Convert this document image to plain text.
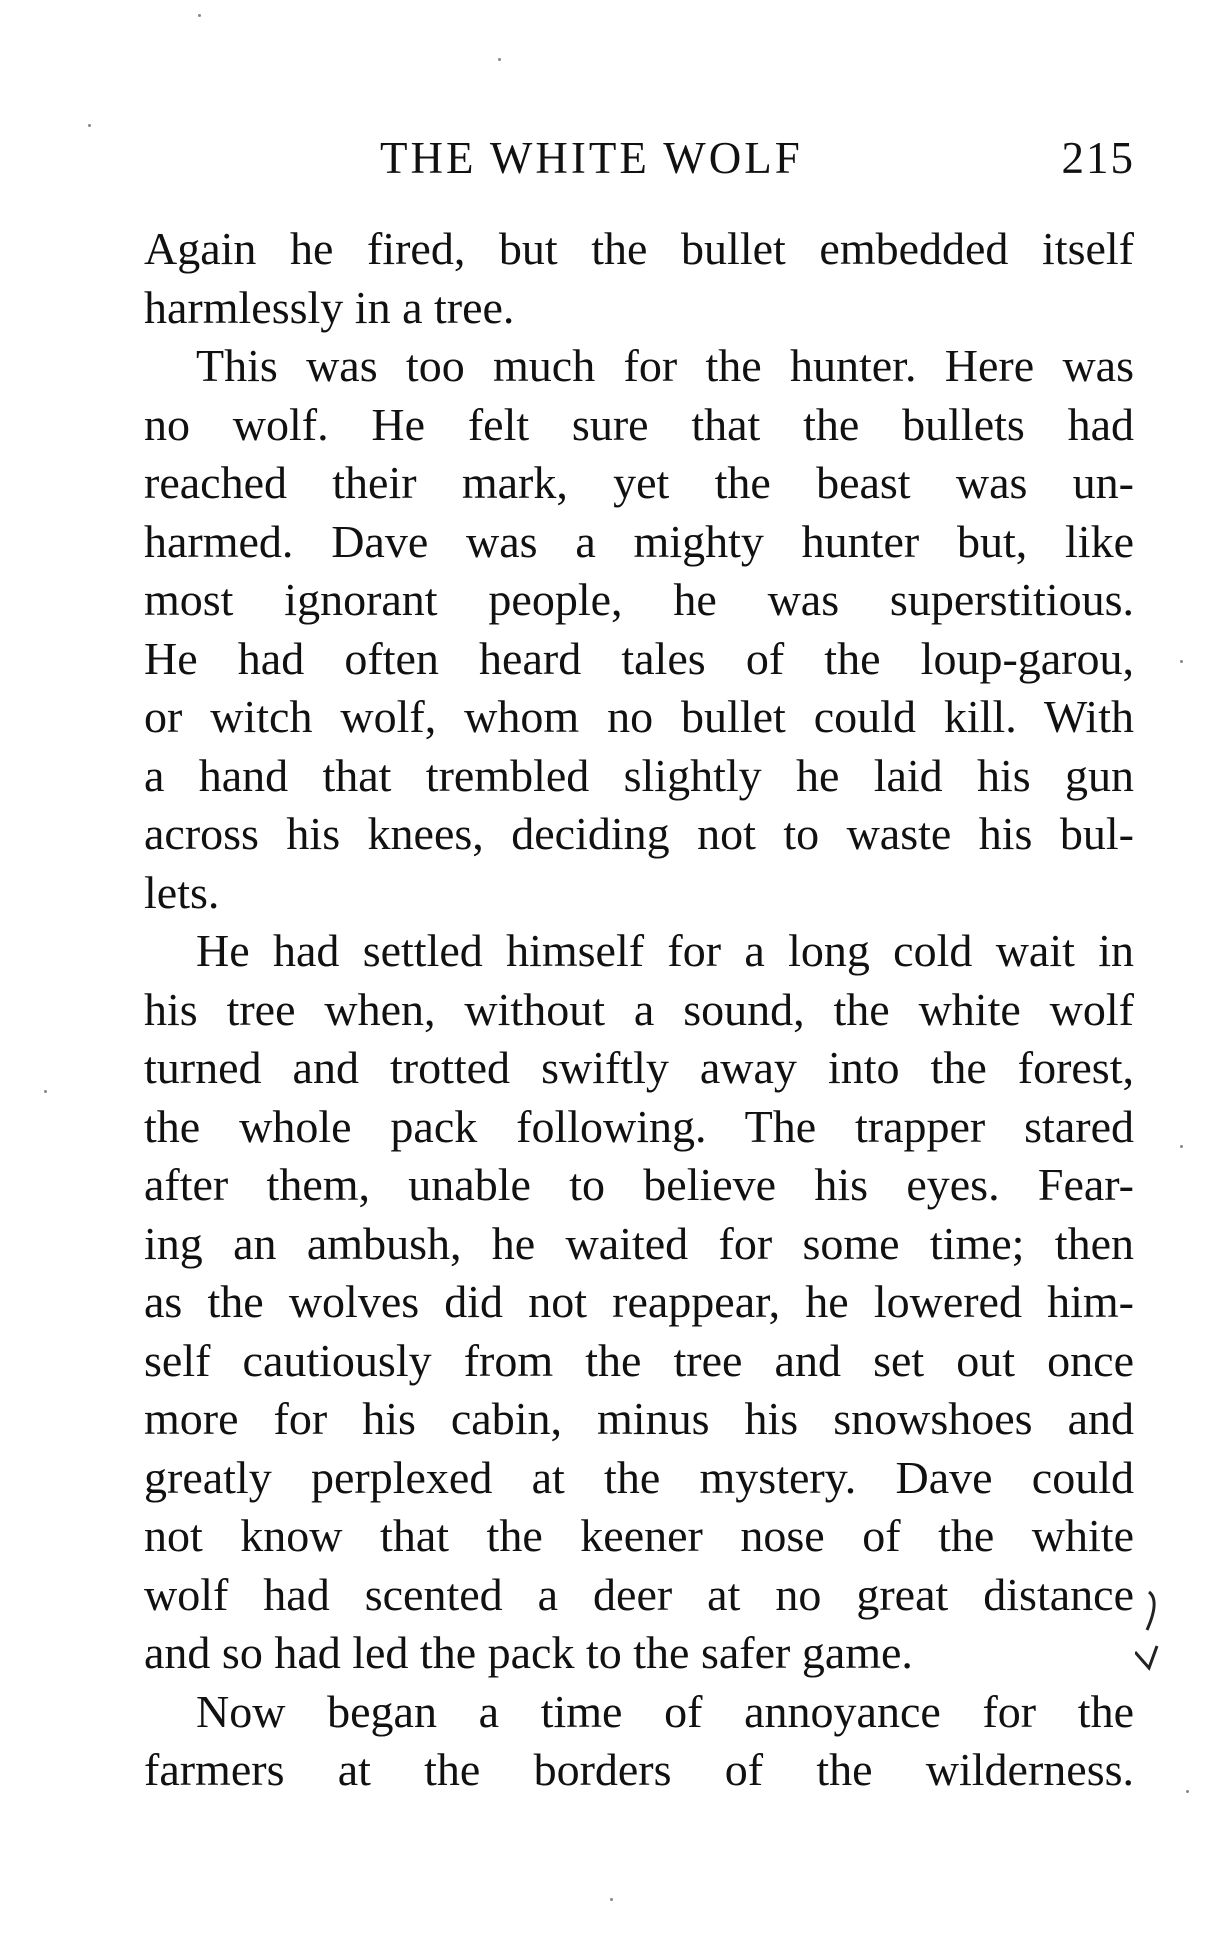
THE WHITE WOLF	215
Again he fired, but the bullet embedded itself
harmlessly in a tree.
This was too much for the hunter. Here was
no wolf. He felt sure that the bullets had
reached their mark, yet the beast was un-
harmed. Dave was a mighty hunter but, like
most ignorant people, he was superstitious.
He had often heard tales of the loup-garou,
or witch wolf, whom no bullet could kill. With
a hand that trembled slightly he laid his gun
across his knees, deciding not to waste his bul-
lets.
He had settled himself for a long cold wait in
his tree when, without a sound, the white wolf
turned and trotted swiftly away into the forest,
the whole pack following. The trapper stared
after them, unable to believe his eyes. Fear-
ing an ambush, he waited for some time; then
as the wolves did not reappear, he lowered him-
self cautiously from the tree and set out once
more for his cabin, minus his snowshoes and
greatly perplexed at the mystery. Dave could
not know that the keener nose of the white
wolf had scented a deer at no great distance
and so had led the pack to the safer game.
Now began a time of annoyance for the
farmers at the borders of the wilderness.
